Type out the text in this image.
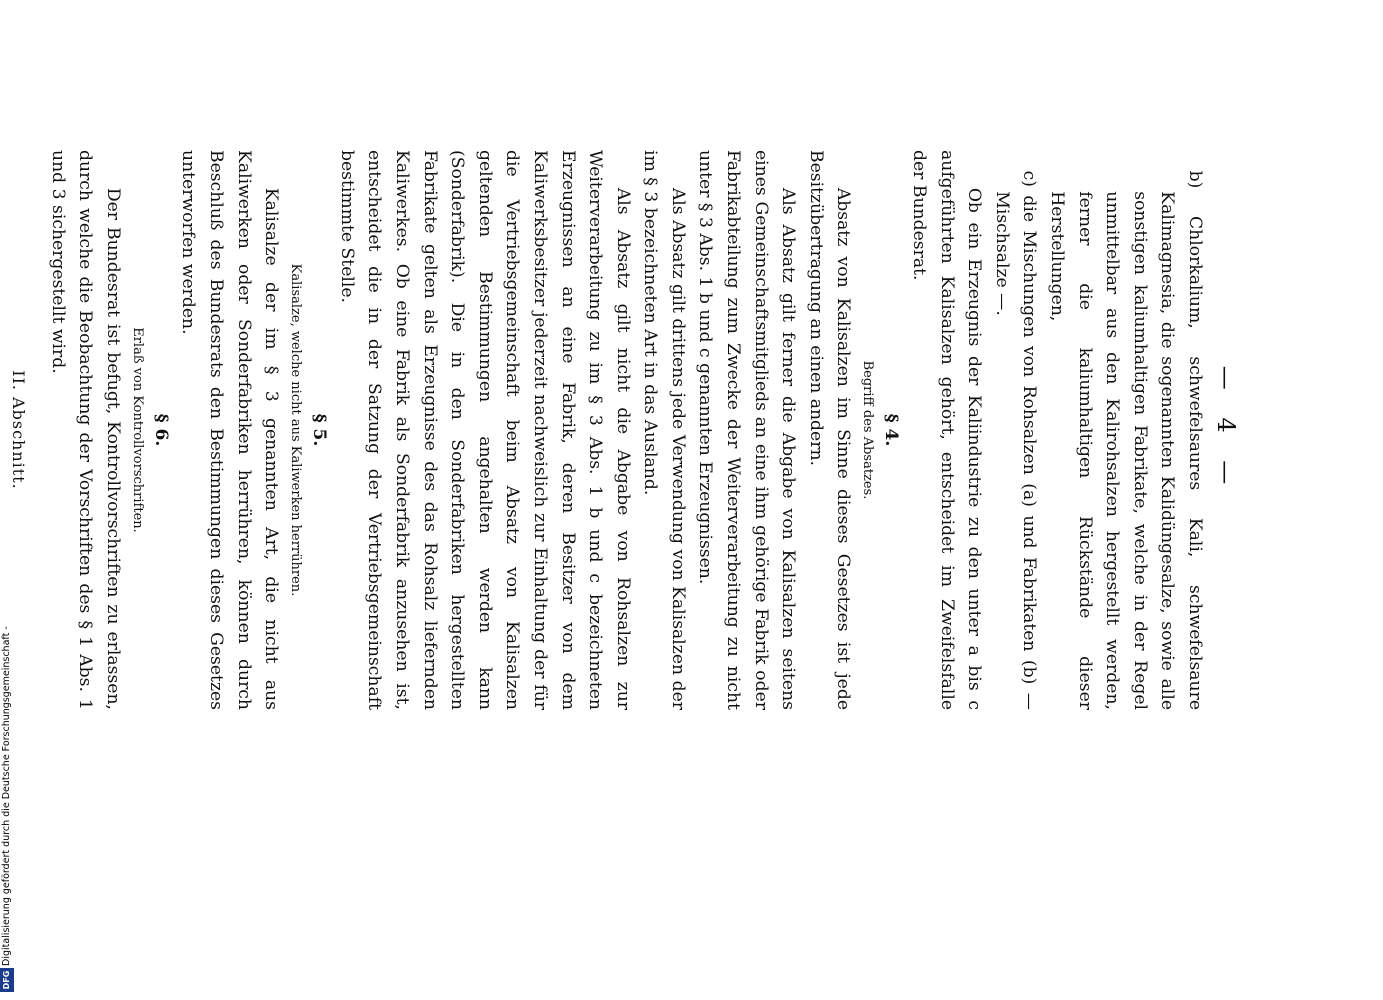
— 4 —

b) Chlorkalium, schwefelsaures Kali, schwefelsaure Kalimagnesia, die sogenannten Kalidüngesalze, sowie alle sonstigen kaliumhaltigen Fabrikate, welche in der Regel unmittelbar aus den Kalirohsalzen hergestellt werden, ferner die kaliumhaltigen Rückstände dieser Herstellungen,

c) die Mischungen von Rohsalzen (a) und Fabrikaten (b) — Mischsalze —.

Ob ein Erzeugnis der Kaliindustrie zu den unter a bis c aufgeführten Kalisalzen gehört, entscheidet im Zweifelsfalle der Bundesrat.

§ 4.
Begriff des Absatzes.

Absatz von Kalisalzen im Sinne dieses Gesetzes ist jede Besitzübertragung an einen andern.

Als Absatz gilt ferner die Abgabe von Kalisalzen seitens eines Gemeinschaftsmitglieds an eine ihm gehörige Fabrik oder Fabrikabteilung zum Zwecke der Weiterverarbeitung zu nicht unter § 3 Abs. 1 b und c genannten Erzeugnissen.

Als Absatz gilt drittens jede Verwendung von Kalisalzen der im § 3 bezeichneten Art in das Ausland.

Als Absatz gilt nicht die Abgabe von Rohsalzen zur Weiterverarbeitung zu im § 3 Abs. 1 b und c bezeichneten Erzeugnissen an eine Fabrik, deren Besitzer von dem Kaliwerksbesitzer jederzeit nachweislich zur Einhaltung der für die Vertriebsgemeinschaft beim Absatz von Kalisalzen geltenden Bestimmungen angehalten werden kann (Sonderfabrik). Die in den Sonderfabriken hergestellten Fabrikate gelten als Erzeugnisse des das Rohsalz liefernden Kaliwerkes. Ob eine Fabrik als Sonderfabrik anzusehen ist, entscheidet die in der Satzung der Vertriebsgemeinschaft bestimmte Stelle.

§ 5.
Kalisalze, welche nicht aus Kaliwerken herrühren.

Kalisalze der im § 3 genannten Art, die nicht aus Kaliwerken oder Sonderfabriken herrühren, können durch Beschluß des Bundesrats den Bestimmungen dieses Gesetzes unterworfen werden.

§ 6.
Erlaß von Kontrollvorschriften.

Der Bundesrat ist befugt, Kontrollvorschriften zu erlassen, durch welche die Beobachtung der Vorschriften des § 1 Abs. 1 und 3 sichergestellt wird.

II. Abschnitt.

DFG
Digitalisierung gefördert durch die Deutsche Forschungsgemeinschaft -
